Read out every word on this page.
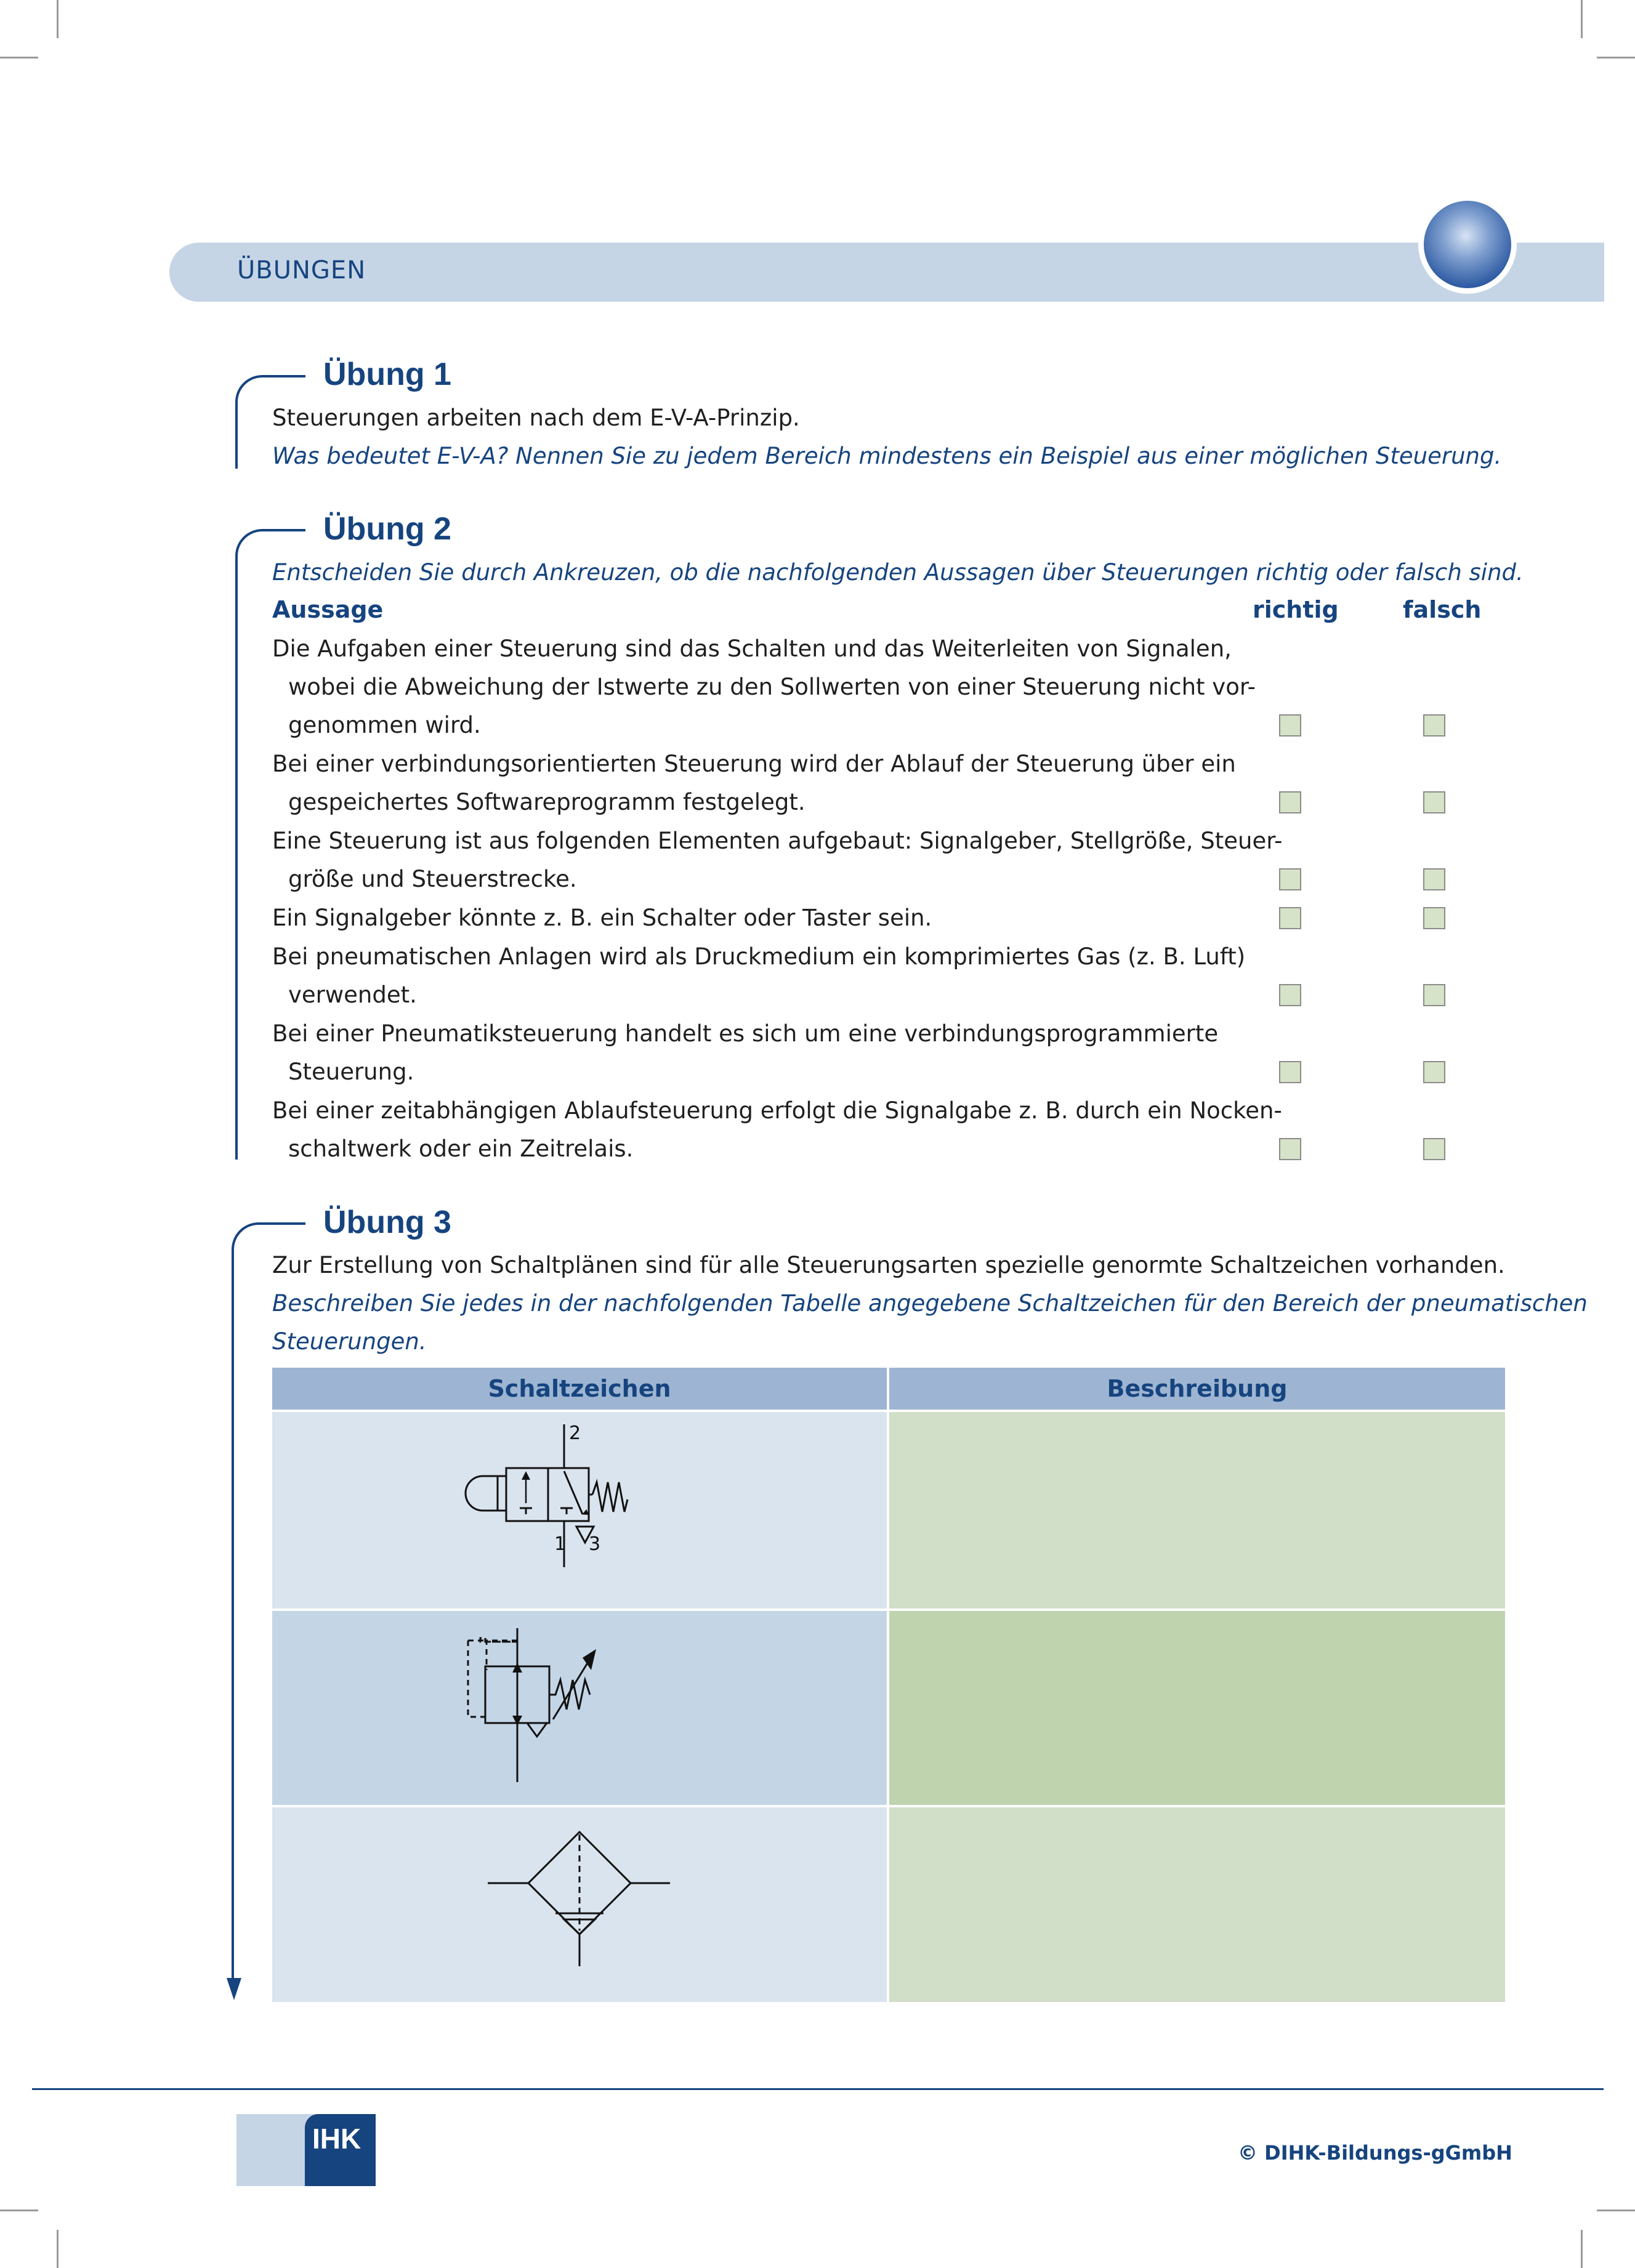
ÜBUNGEN
Übung 1
Steuerungen arbeiten nach dem E-V-A-Prinzip.
Was bedeutet E-V-A? Nennen Sie zu jedem Bereich mindestens ein Beispiel aus einer möglichen Steuerung.
Übung 2
Entscheiden Sie durch Ankreuzen, ob die nachfolgenden Aussagen über Steuerungen richtig oder falsch sind.
Aussage	richtig	falsch
Die Aufgaben einer Steuerung sind das Schalten und das Weiterleiten von Signalen,
wobei die Abweichung der Istwerte zu den Sollwerten von einer Steuerung nicht vor-
genommen wird.
Bei einer verbindungsorientierten Steuerung wird der Ablauf der Steuerung über ein
gespeichertes Softwareprogramm festgelegt.
Eine Steuerung ist aus folgenden Elementen aufgebaut: Signalgeber, Stellgröße, Steuer-
größe und Steuerstrecke.
Ein Signalgeber könnte z. B. ein Schalter oder Taster sein.
Bei pneumatischen Anlagen wird als Druckmedium ein komprimiertes Gas (z. B. Luft)
verwendet.
Bei einer Pneumatiksteuerung handelt es sich um eine verbindungsprogrammierte
Steuerung.
Bei einer zeitabhängigen Ablaufsteuerung erfolgt die Signalgabe z. B. durch ein Nocken-
schaltwerk oder ein Zeitrelais.
Übung 3
Zur Erstellung von Schaltplänen sind für alle Steuerungsarten spezielle genormte Schaltzeichen vorhanden.
Beschreiben Sie jedes in der nachfolgenden Tabelle angegebene Schaltzeichen für den Bereich der pneumatischen
Steuerungen.
Schaltzeichen	Beschreibung
2
1 3
IHK	© DIHK-Bildungs-gGmbH
